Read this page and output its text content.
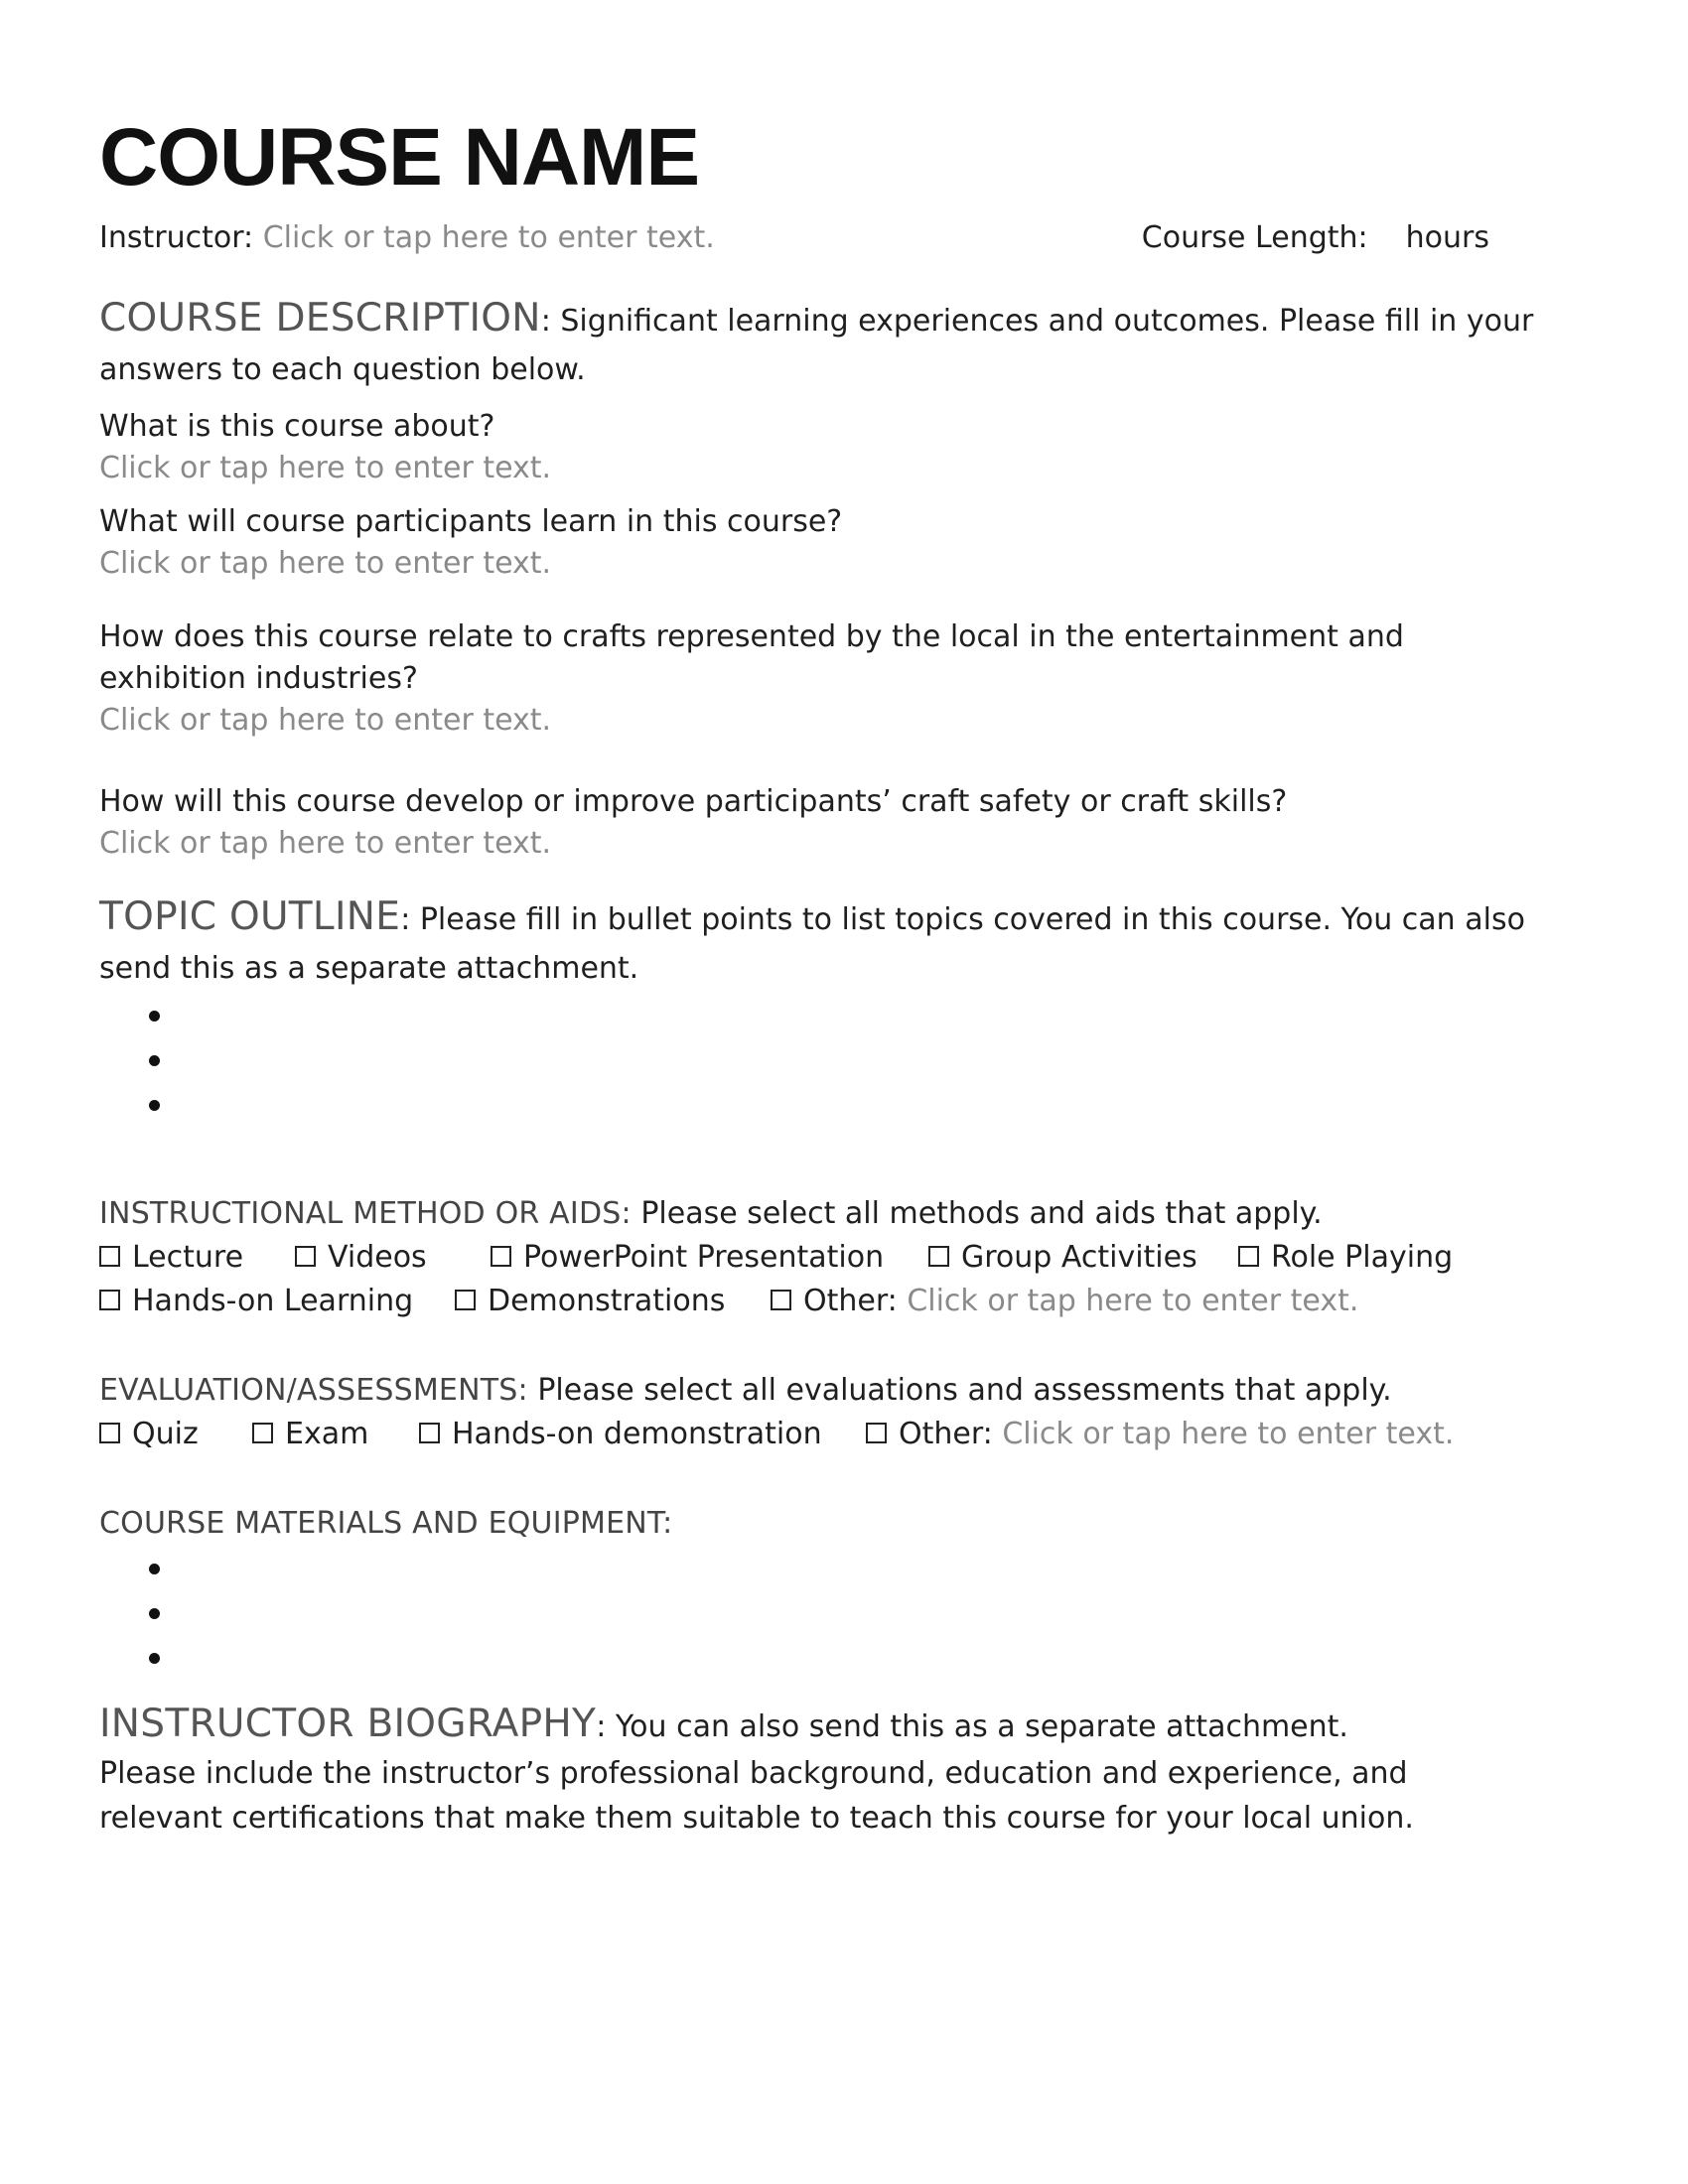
COURSE NAME
Instructor: Click or tap here to enter text.	Course Length: hours
COURSE DESCRIPTION: Significant learning experiences and outcomes. Please fill in your answers to each question below.
What is this course about?
Click or tap here to enter text.
What will course participants learn in this course?
Click or tap here to enter text.
How does this course relate to crafts represented by the local in the entertainment and exhibition industries?
Click or tap here to enter text.
How will this course develop or improve participants’ craft safety or craft skills?
Click or tap here to enter text.
TOPIC OUTLINE: Please fill in bullet points to list topics covered in this course. You can also send this as a separate attachment.
INSTRUCTIONAL METHOD OR AIDS: Please select all methods and aids that apply.
Lecture	Videos	PowerPoint Presentation	Group Activities Role Playing
Hands-on Learning Demonstrations	Other: Click or tap here to enter text.
EVALUATION/ASSESSMENTS: Please select all evaluations and assessments that apply.
Quiz	Exam	Hands-on demonstration	Other: Click or tap here to enter text.
COURSE MATERIALS AND EQUIPMENT:
INSTRUCTOR BIOGRAPHY: You can also send this as a separate attachment.
Please include the instructor’s professional background, education and experience, and relevant certifications that make them suitable to teach this course for your local union.
